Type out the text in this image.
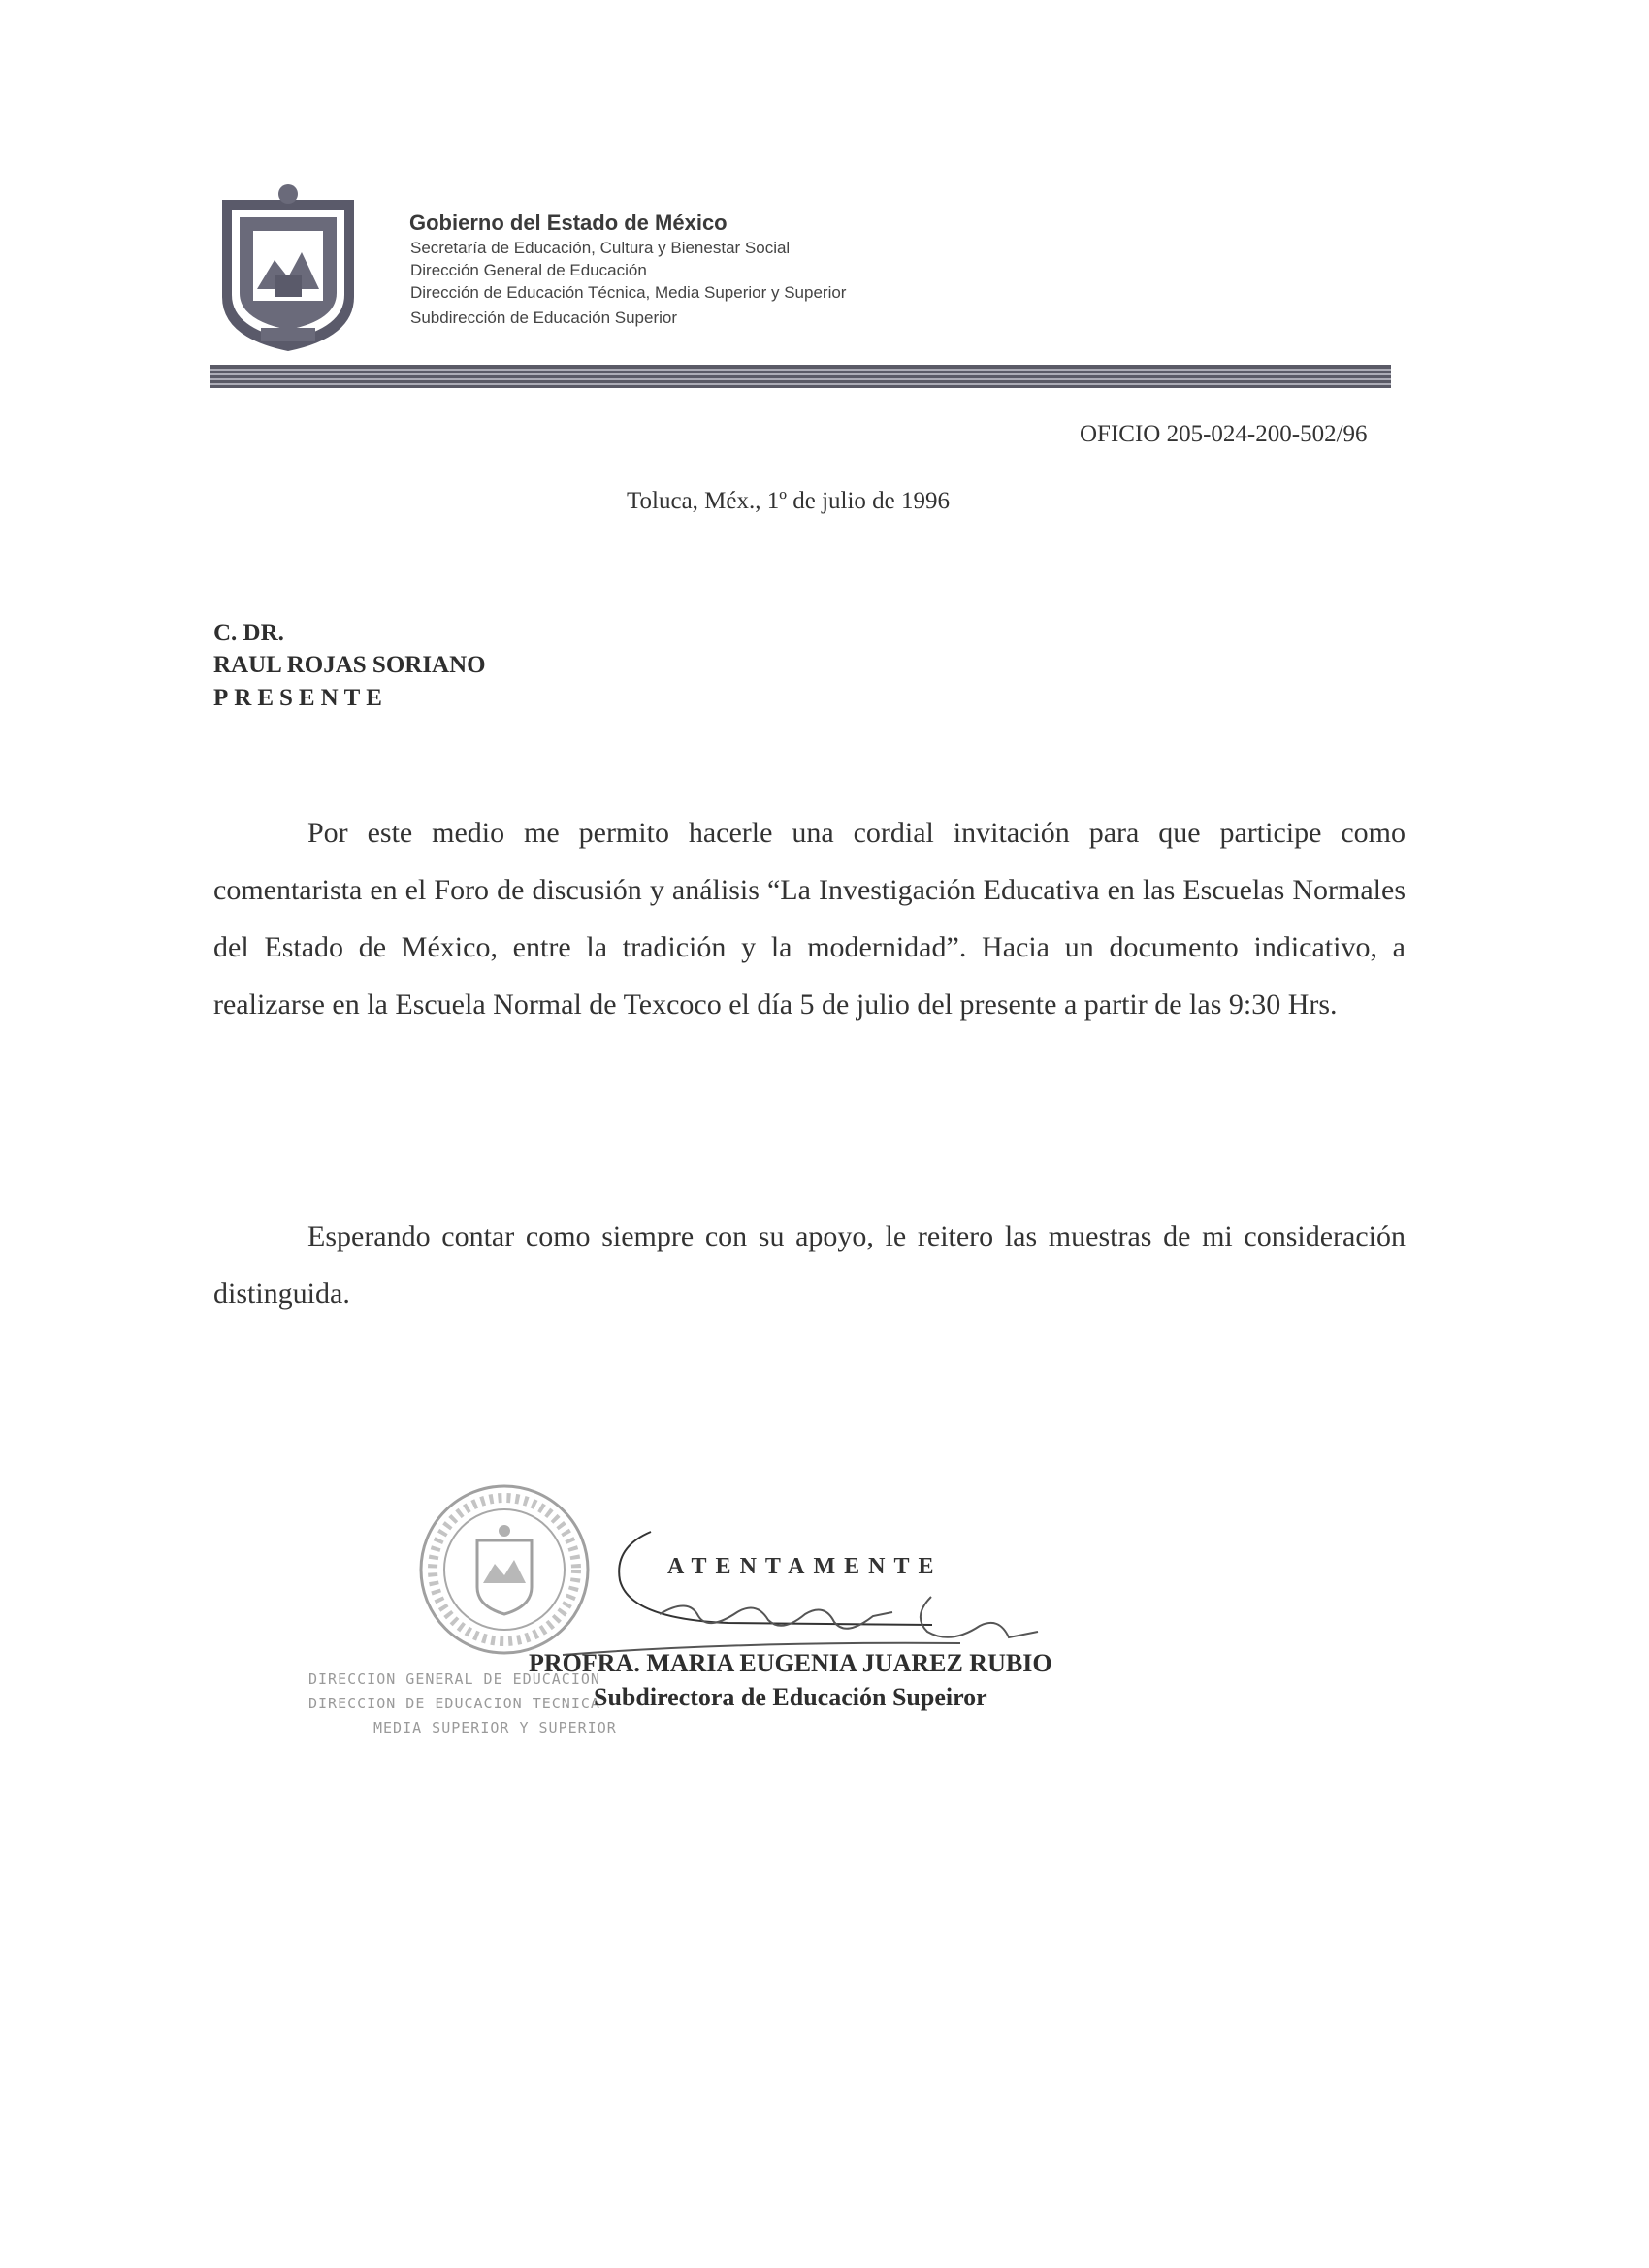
Gobierno del Estado de México
Secretaría de Educación, Cultura y Bienestar Social
Dirección General de Educación
Dirección de Educación Técnica, Media Superior y Superior
Subdirección de Educación Superior
OFICIO 205-024-200-502/96
Toluca, Méx., 1º de julio de 1996
C. DR.
RAUL ROJAS SORIANO
PRESENTE

Por este medio me permito hacerle una cordial invitación para que participe como comentarista en el Foro de discusión y análisis “La Investigación Educativa en las Escuelas Normales del Estado de México, entre la tradición y la modernidad”. Hacia un documento indicativo, a realizarse en la Escuela Normal de Texcoco el día 5 de julio del presente a partir de las 9:30 Hrs.

Esperando contar como siempre con su apoyo, le reitero las muestras de mi consideración distinguida.

DIRECCION GENERAL DE EDUCACION
DIRECCION DE EDUCACION TECNICA
MEDIA SUPERIOR Y SUPERIOR
ATENTAMENTE
PROFRA. MARIA EUGENIA JUAREZ RUBIO
Subdirectora de Educación Supeiror
